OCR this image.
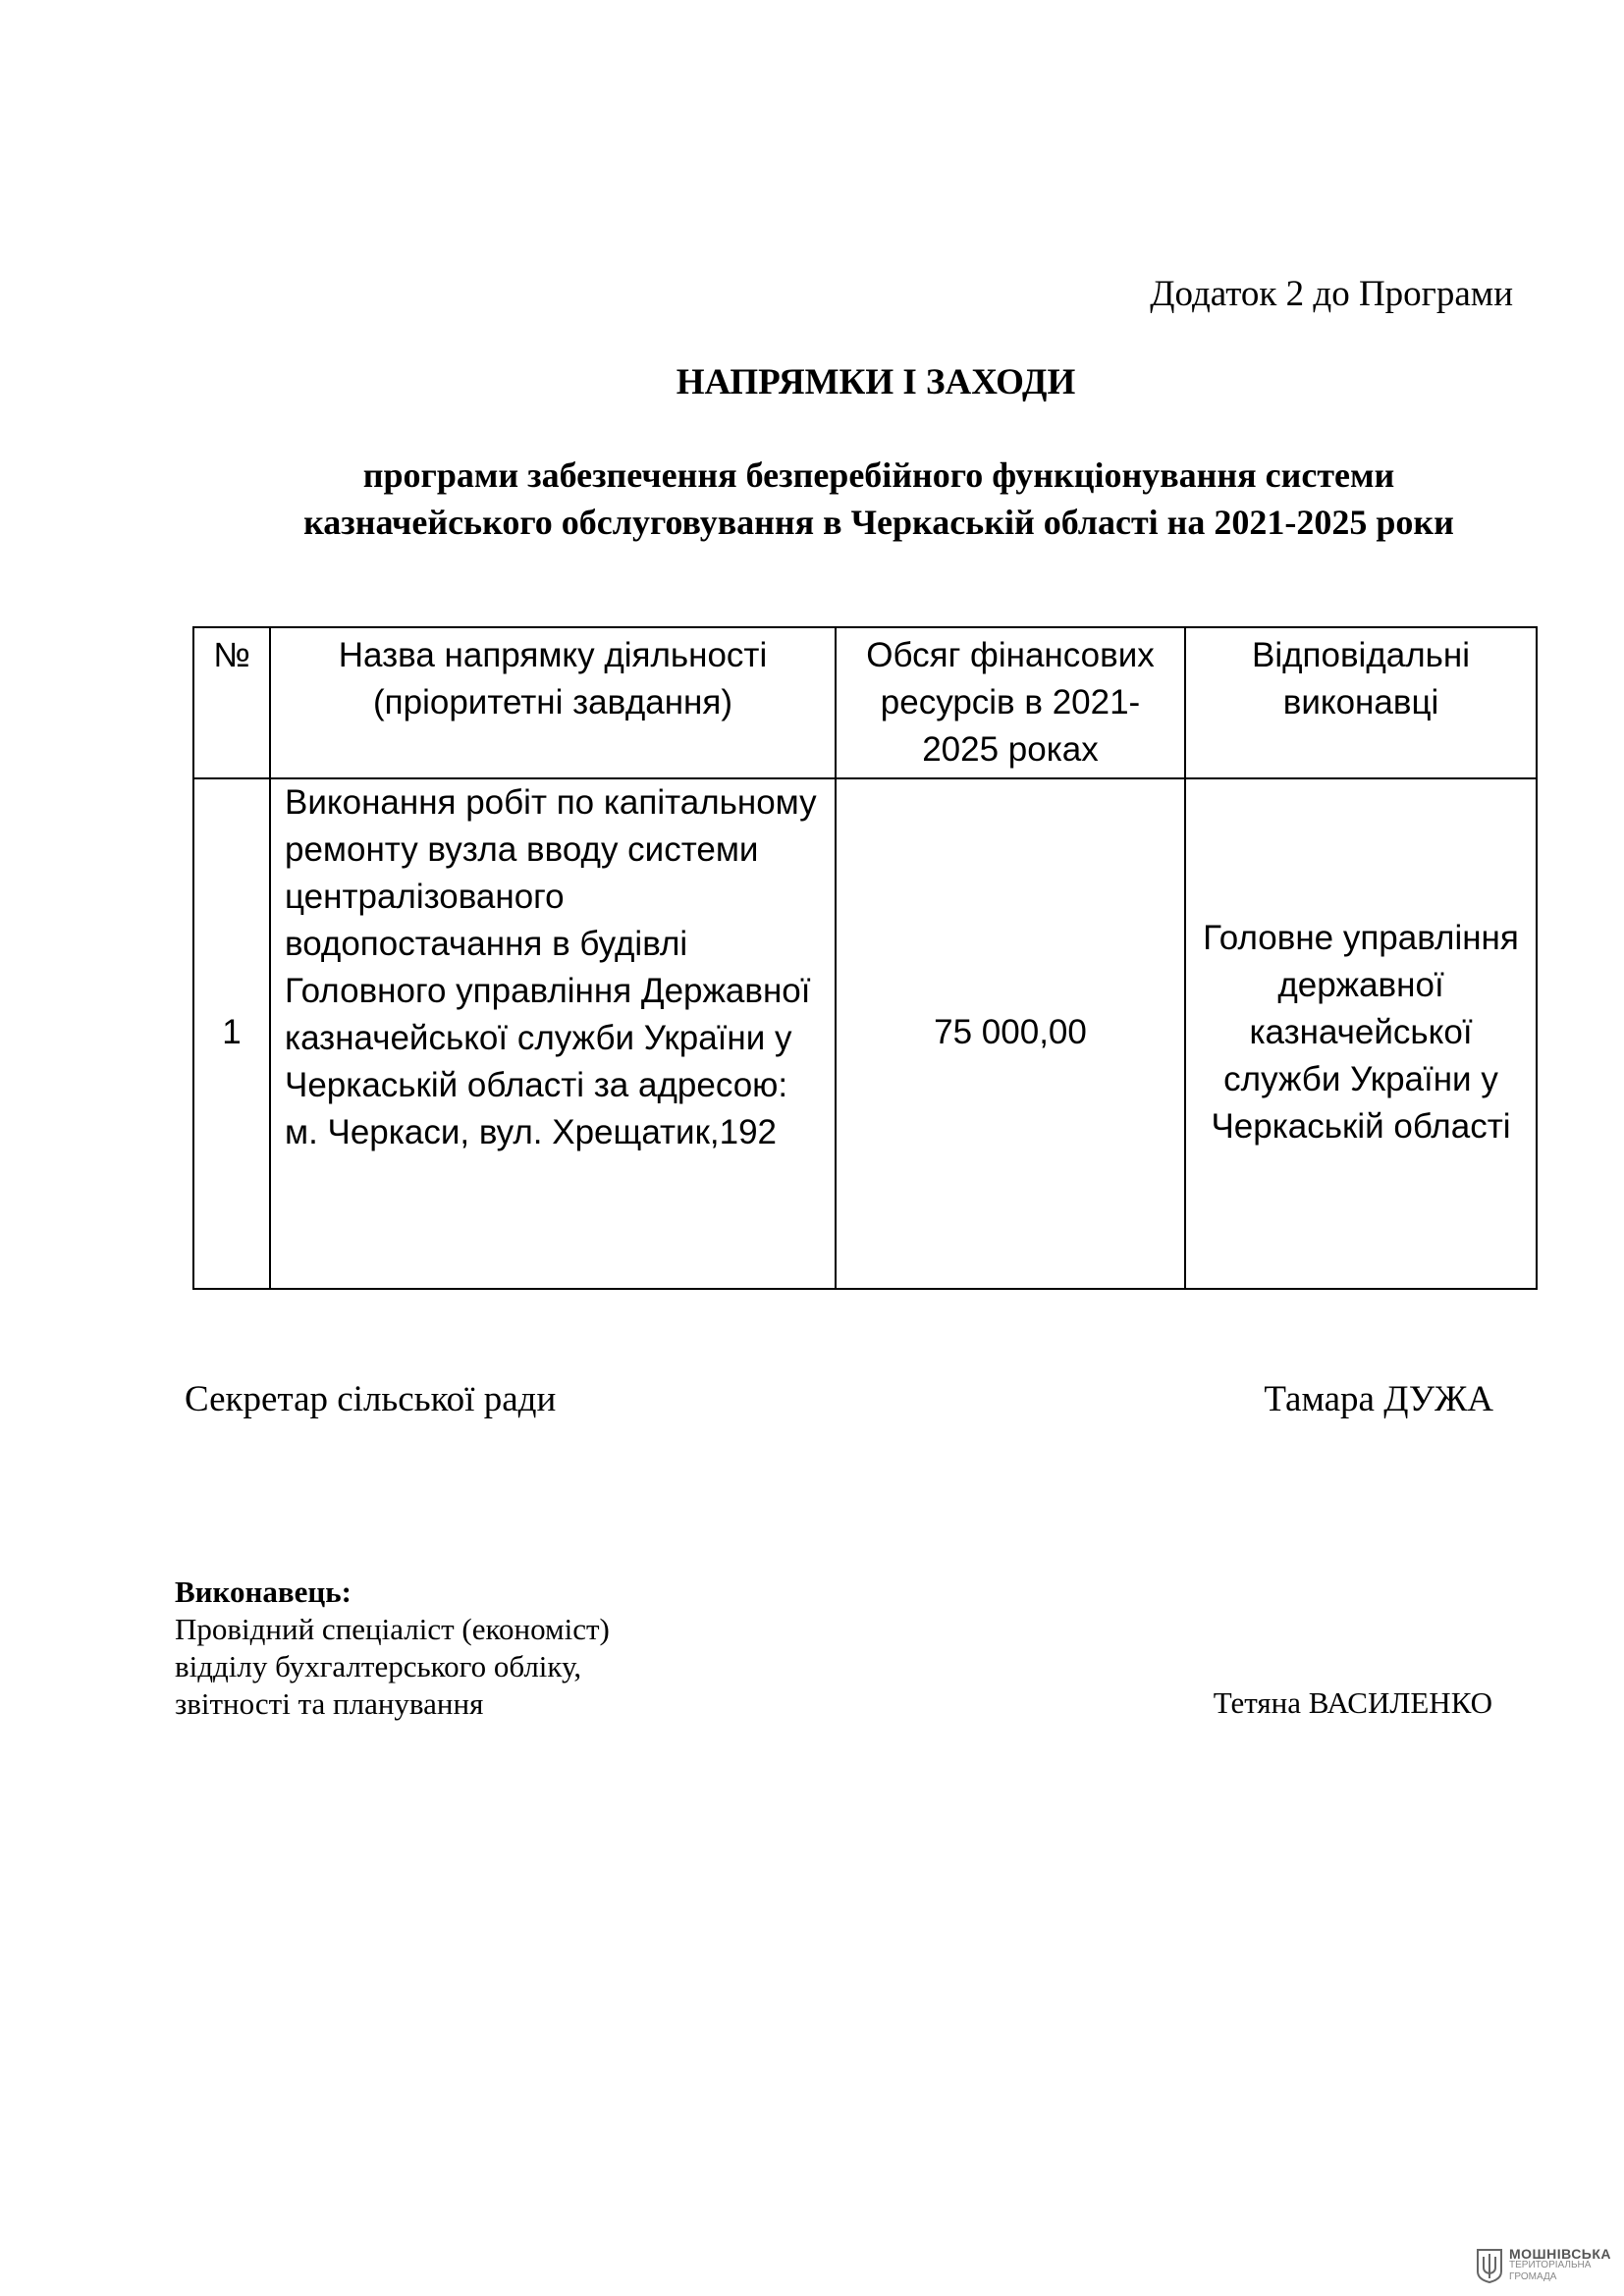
Додаток 2 до Програми
НАПРЯМКИ І ЗАХОДИ
програми забезпечення безперебійного функціонування системи
казначейського обслуговування в Черкаській області на 2021-2025 роки
№	Назва напрямку діяльності (пріоритетні завдання)	Обсяг фінансових ресурсів в 2021-2025 роках	Відповідальні виконавці
1	Виконання робіт по капітальному ремонту вузла вводу системи централізованого водопостачання в будівлі Головного управління Державної казначейської служби України у Черкаській області за адресою: м. Черкаси, вул. Хрещатик,192	75 000,00	Головне управління державної казначейської служби України у Черкаській області
Секретар сільської ради	Тамара ДУЖА
Виконавець:
Провідний спеціаліст (економіст)
відділу бухгалтерського обліку,
звітності та планування	Тетяна ВАСИЛЕНКО
МОШНІВСЬКА
ТЕРИТОРІАЛЬНА
ГРОМАДА
